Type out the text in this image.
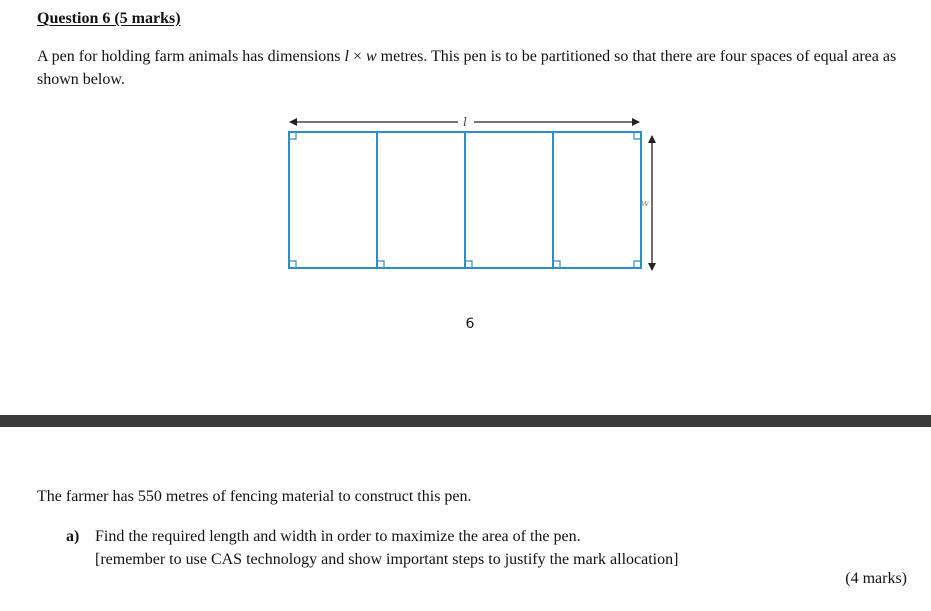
Question 6 (5 marks)
A pen for holding farm animals has dimensions l × w metres. This pen is to be partitioned so that there are four spaces of equal area as shown below.
l
w
6
The farmer has 550 metres of fencing material to construct this pen.
a) Find the required length and width in order to maximize the area of the pen.
[remember to use CAS technology and show important steps to justify the mark allocation]
(4 marks)
